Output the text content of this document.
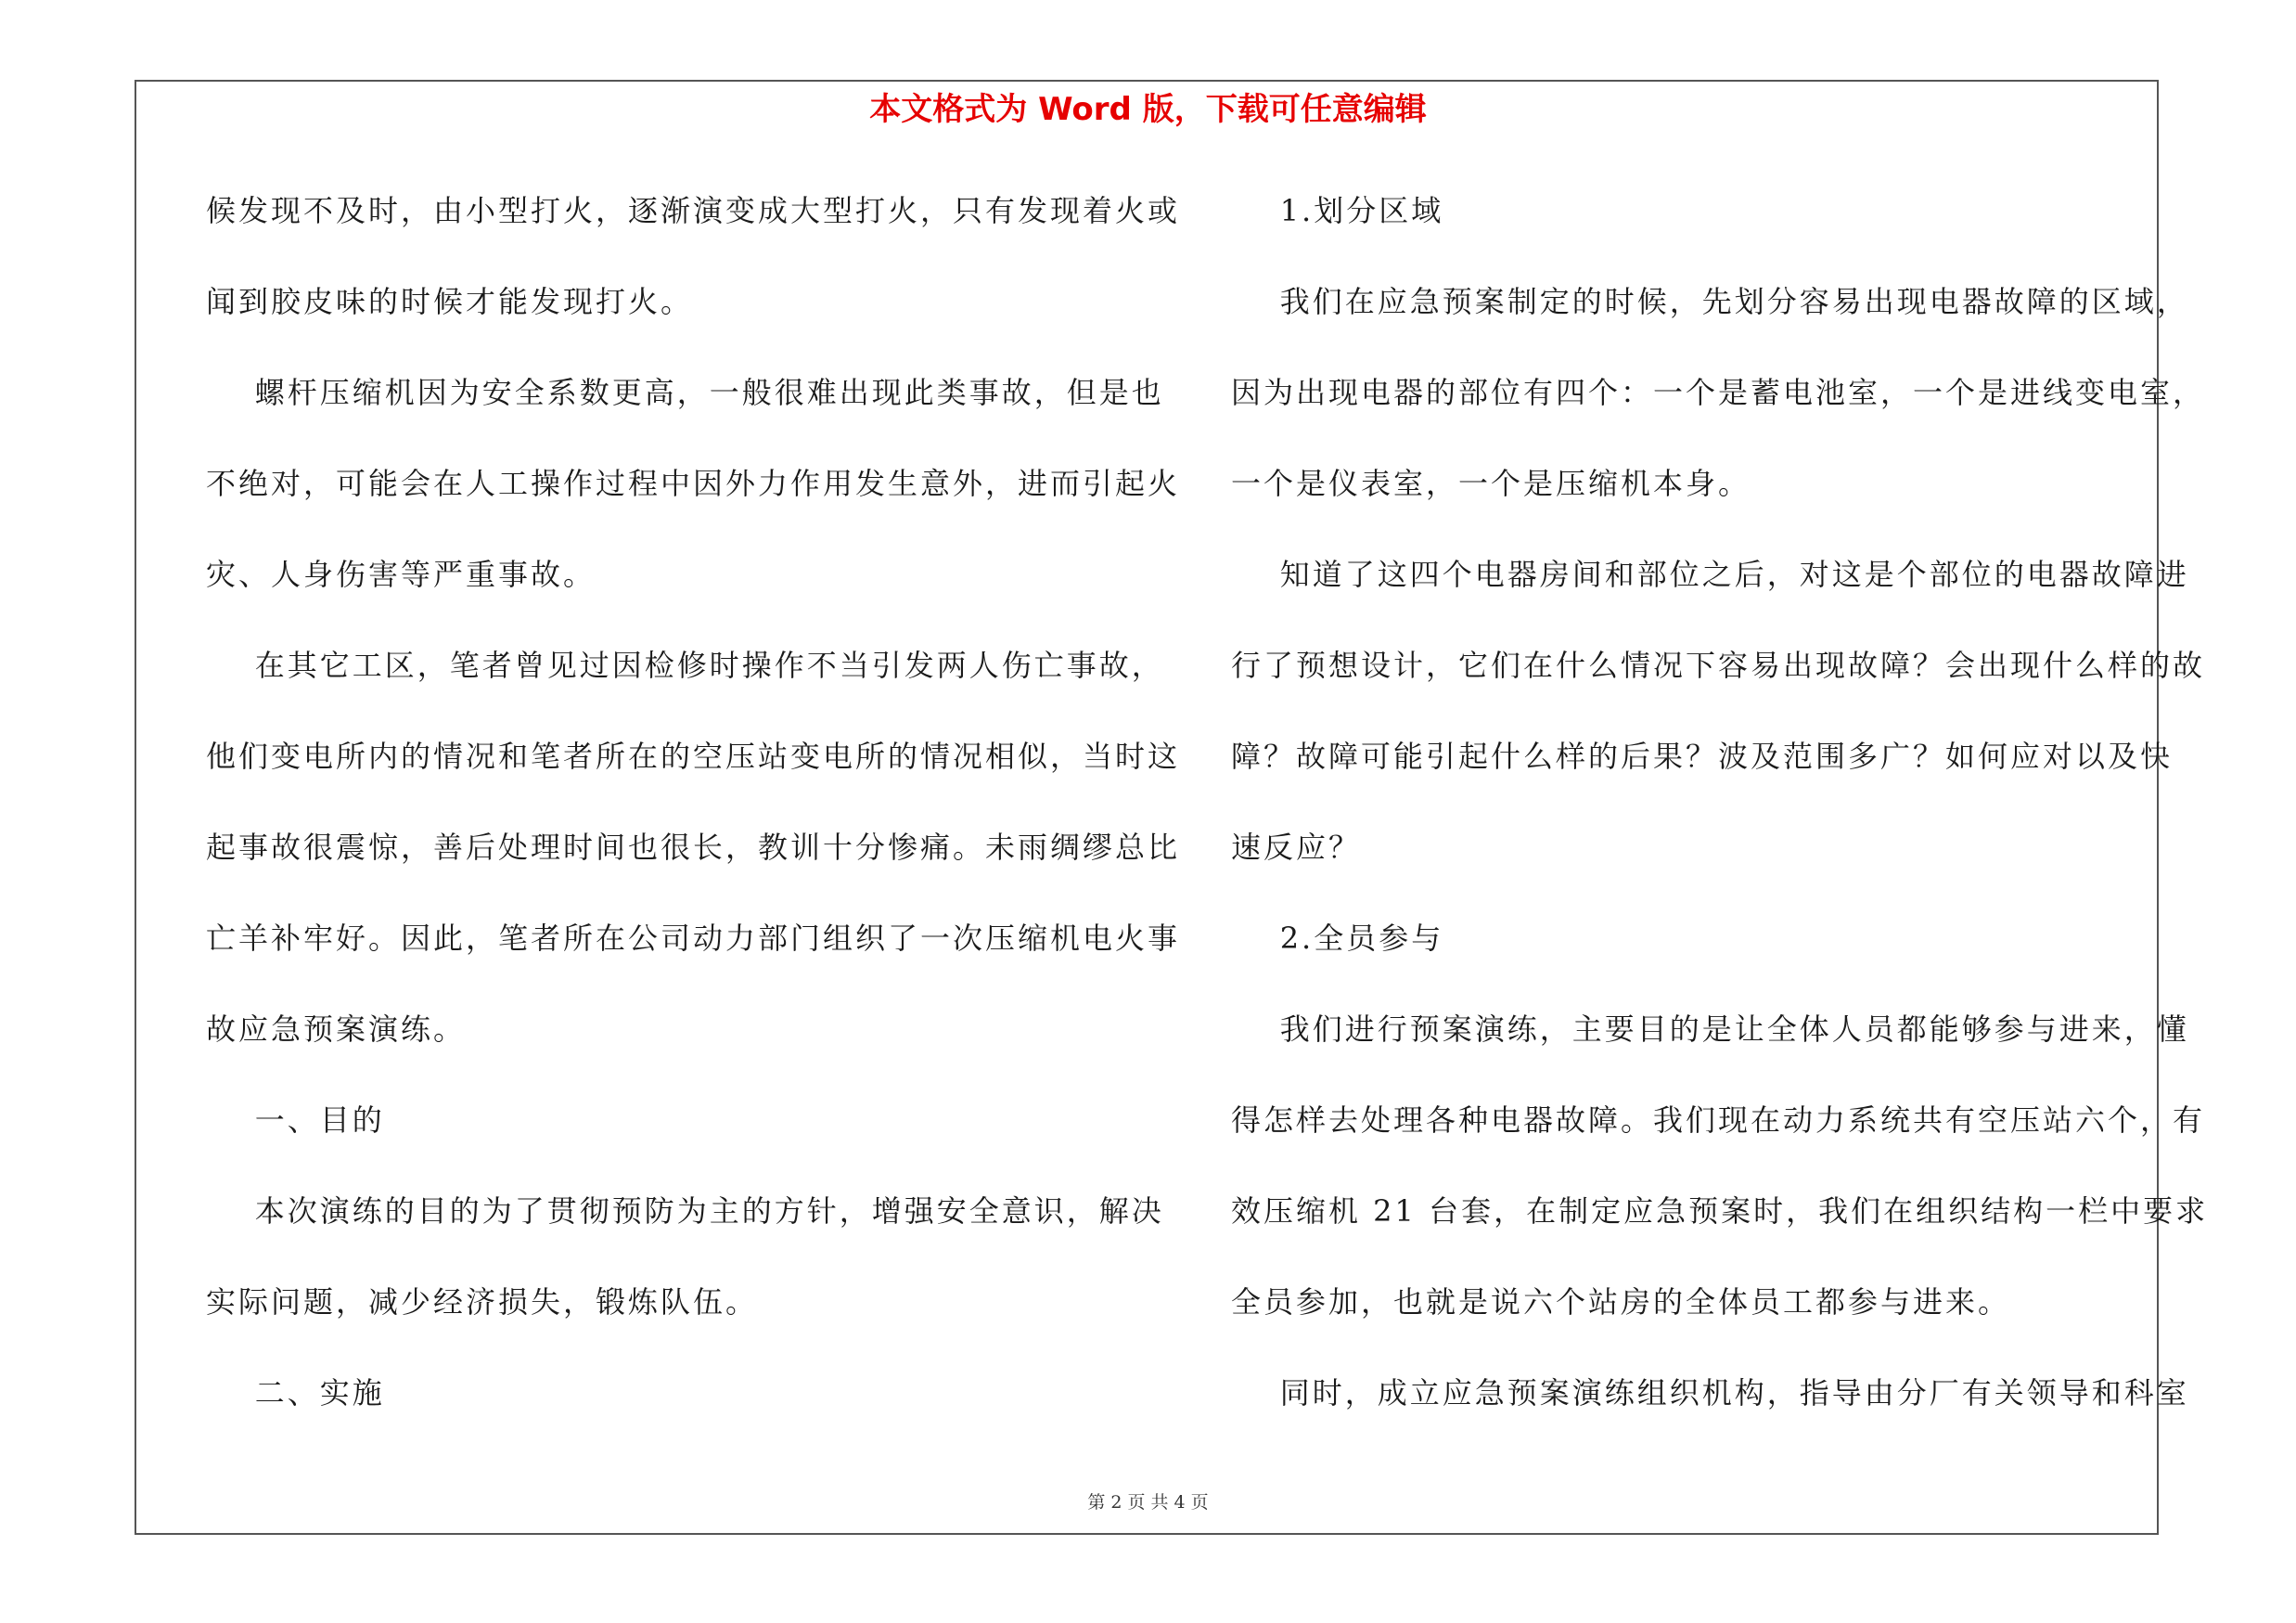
本文格式为 Word 版，下载可任意编辑
候发现不及时，由小型打火，逐渐演变成大型打火，只有发现着火或
闻到胶皮味的时候才能发现打火。
螺杆压缩机因为安全系数更高，一般很难出现此类事故，但是也
不绝对，可能会在人工操作过程中因外力作用发生意外，进而引起火
灾、人身伤害等严重事故。
在其它工区，笔者曾见过因检修时操作不当引发两人伤亡事故，
他们变电所内的情况和笔者所在的空压站变电所的情况相似，当时这
起事故很震惊，善后处理时间也很长，教训十分惨痛。未雨绸缪总比
亡羊补牢好。因此，笔者所在公司动力部门组织了一次压缩机电火事
故应急预案演练。
一、目的
本次演练的目的为了贯彻预防为主的方针，增强安全意识，解决
实际问题，减少经济损失，锻炼队伍。
二、实施
1.划分区域
我们在应急预案制定的时候，先划分容易出现电器故障的区域，
因为出现电器的部位有四个：一个是蓄电池室，一个是进线变电室，
一个是仪表室，一个是压缩机本身。
知道了这四个电器房间和部位之后，对这是个部位的电器故障进
行了预想设计，它们在什么情况下容易出现故障？会出现什么样的故
障？故障可能引起什么样的后果？波及范围多广？如何应对以及快
速反应？
2.全员参与
我们进行预案演练，主要目的是让全体人员都能够参与进来，懂
得怎样去处理各种电器故障。我们现在动力系统共有空压站六个，有
效压缩机 21 台套，在制定应急预案时，我们在组织结构一栏中要求
全员参加，也就是说六个站房的全体员工都参与进来。
同时，成立应急预案演练组织机构，指导由分厂有关领导和科室
第 2 页 共 4 页
